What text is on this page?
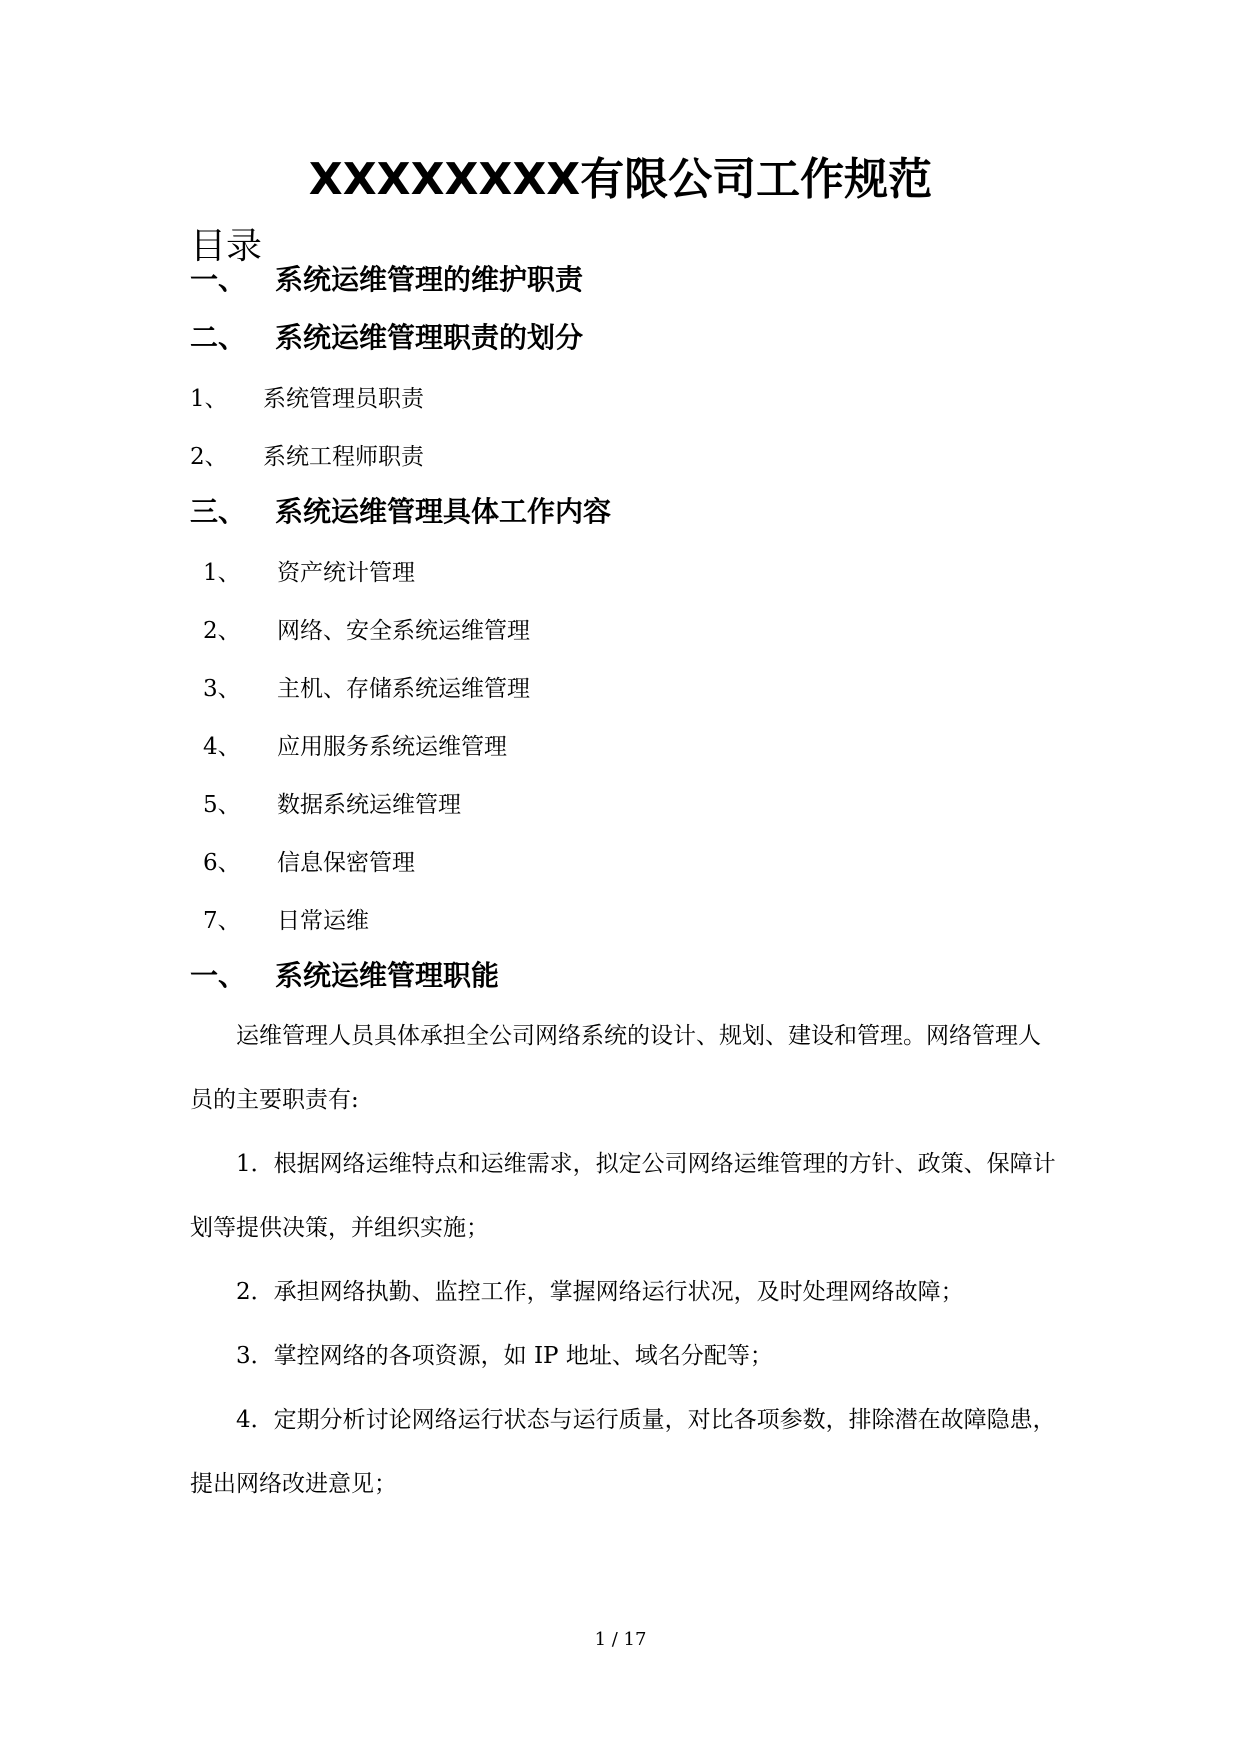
XXXXXXXX有限公司工作规范
目录
一、 系统运维管理的维护职责
二、 系统运维管理职责的划分
1、 系统管理员职责
2、 系统工程师职责
三、 系统运维管理具体工作内容
1、 资产统计管理
2、 网络、安全系统运维管理
3、 主机、存储系统运维管理
4、 应用服务系统运维管理
5、 数据系统运维管理
6、 信息保密管理
7、 日常运维
一、 系统运维管理职能

运维管理人员具体承担全公司网络系统的设计、规划、建设和管理。网络管理人员的主要职责有:

1．根据网络运维特点和运维需求，拟定公司网络运维管理的方针、政策、保障计划等提供决策，并组织实施；

2．承担网络执勤、监控工作，掌握网络运行状况，及时处理网络故障；

3．掌控网络的各项资源，如 IP 地址、域名分配等；

4．定期分析讨论网络运行状态与运行质量，对比各项参数，排除潜在故障隐患，提出网络改进意见；

1 / 17
